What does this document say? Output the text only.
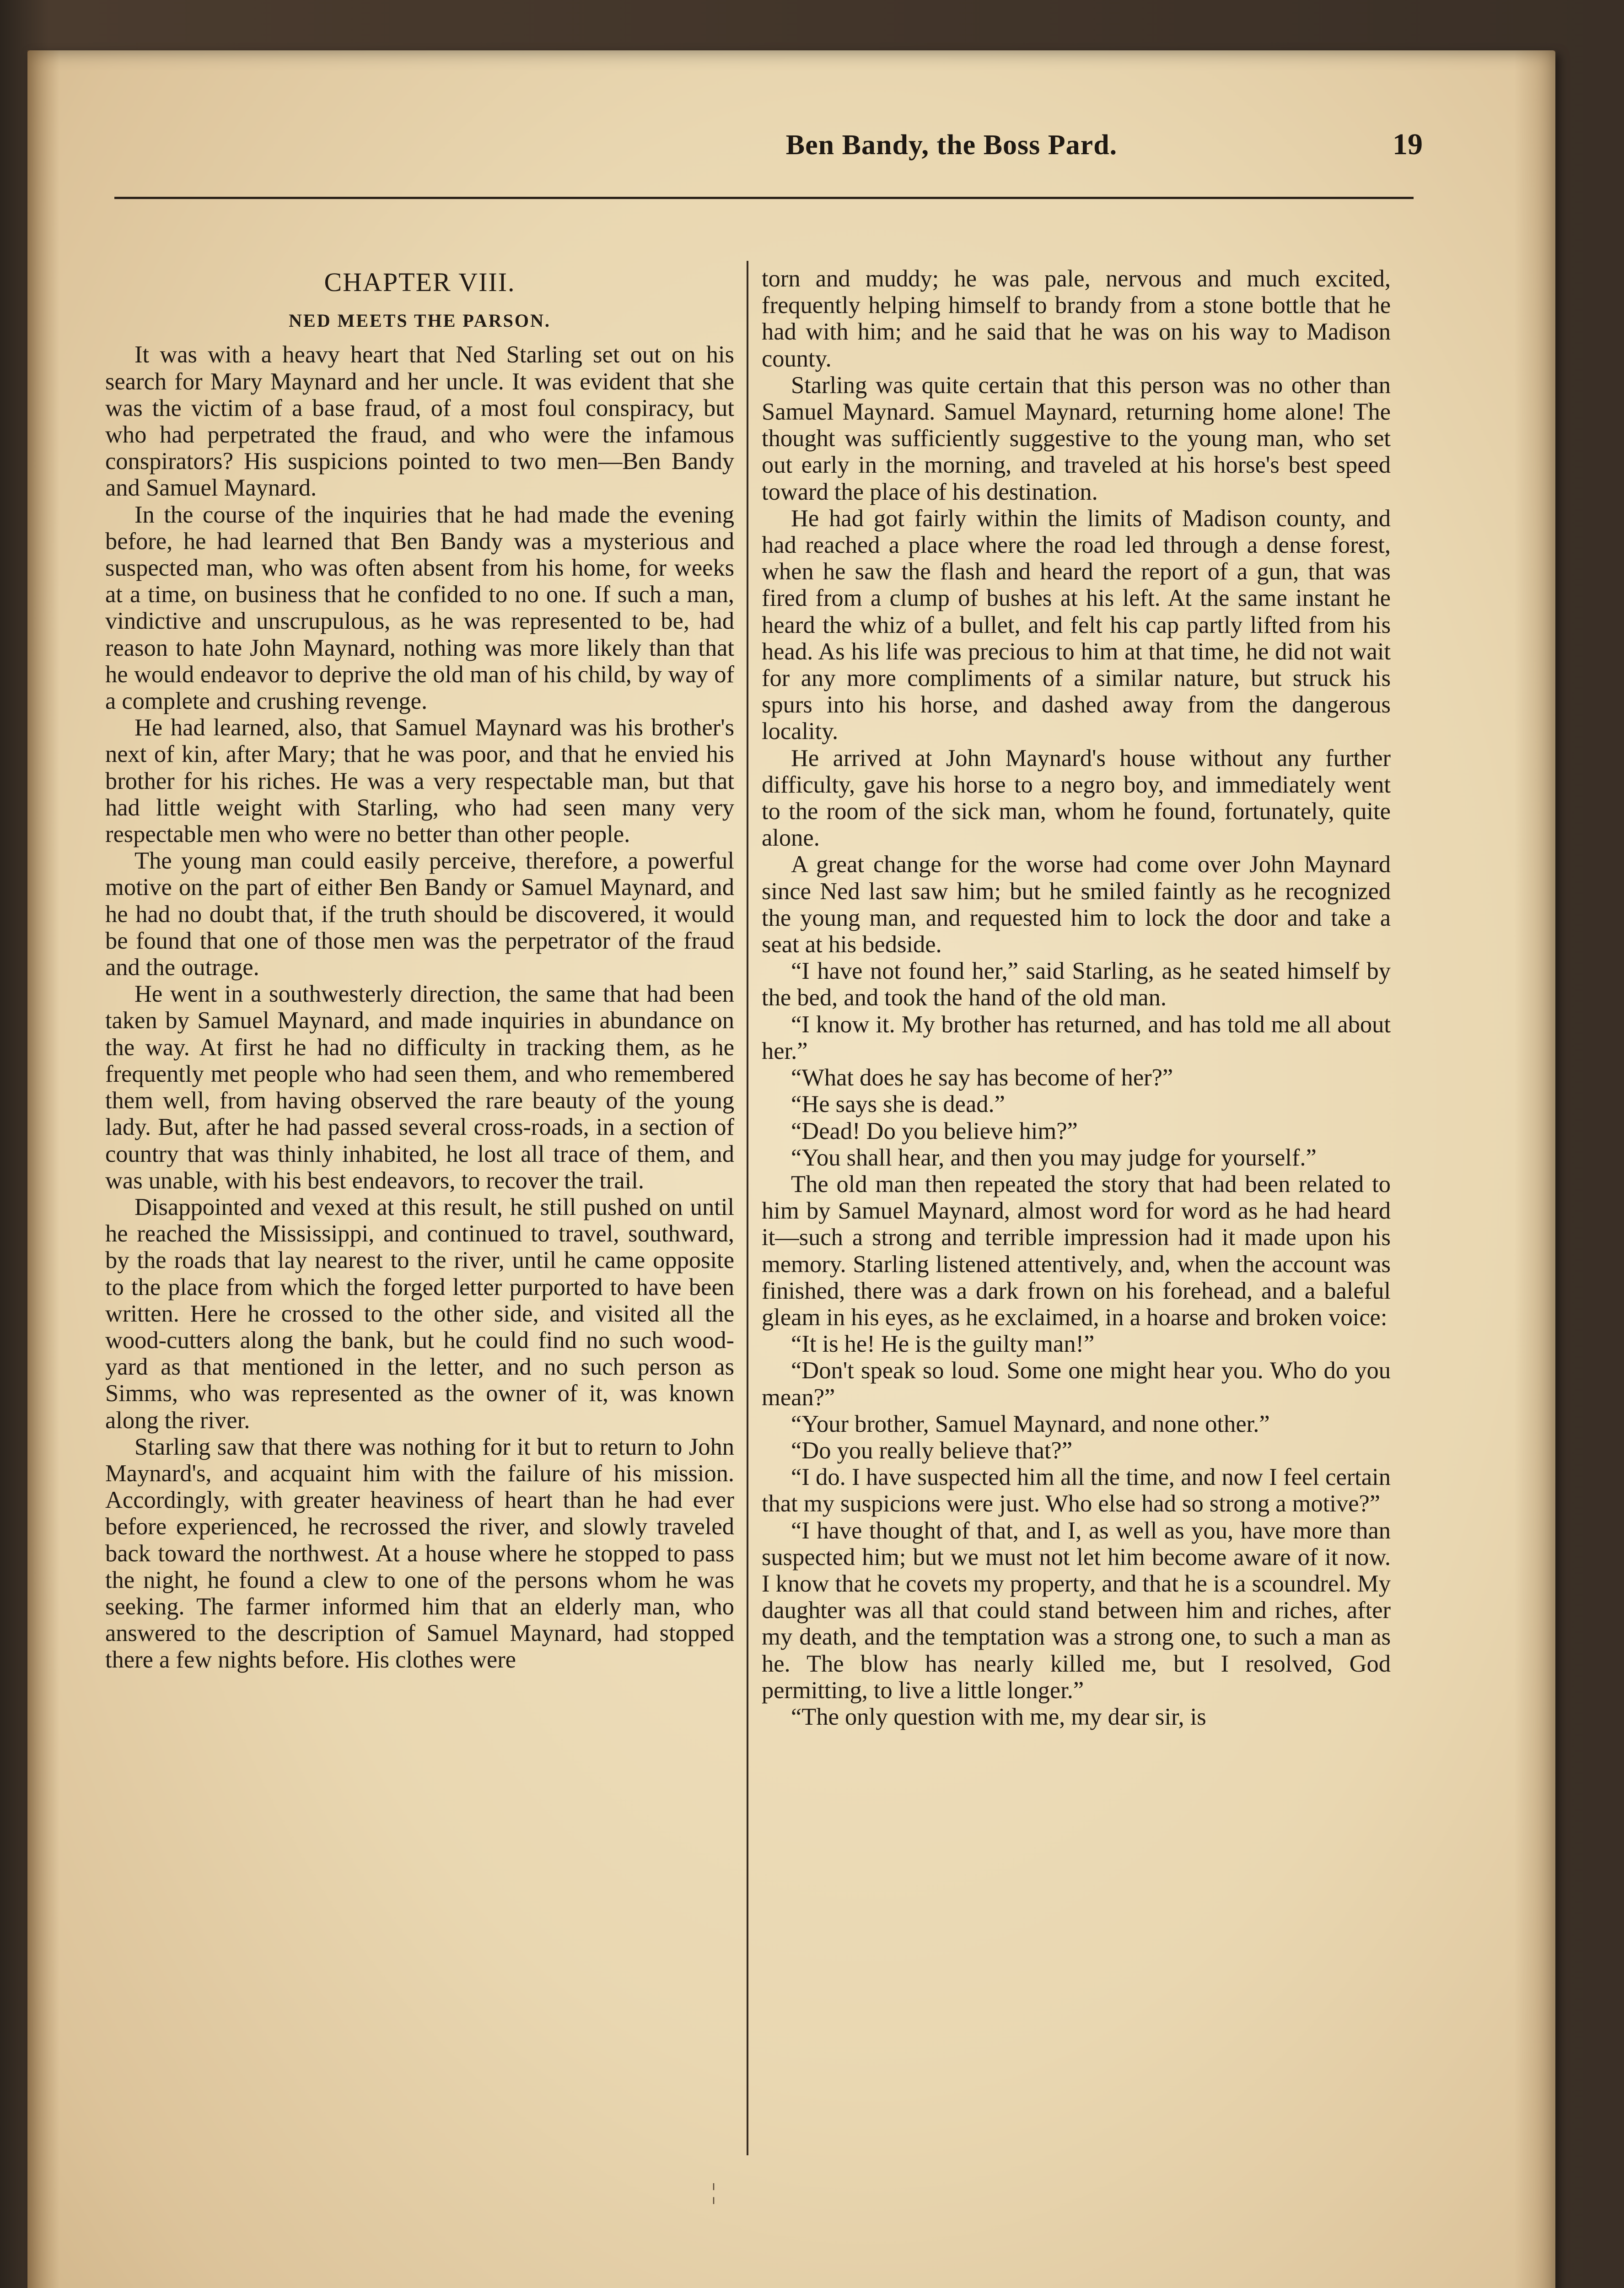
Ben Bandy, the Boss Pard.	19
CHAPTER VIII.
NED MEETS THE PARSON.

It was with a heavy heart that Ned Starling set out on his search for Mary Maynard and her uncle. It was evident that she was the victim of a base fraud, of a most foul conspiracy, but who had perpetrated the fraud, and who were the infamous conspirators? His suspicions pointed to two men—Ben Bandy and Samuel Maynard.

In the course of the inquiries that he had made the evening before, he had learned that Ben Bandy was a mysterious and suspected man, who was often absent from his home, for weeks at a time, on business that he confided to no one. If such a man, vindictive and unscrupulous, as he was represented to be, had reason to hate John Maynard, nothing was more likely than that he would endeavor to deprive the old man of his child, by way of a complete and crushing revenge.

He had learned, also, that Samuel Maynard was his brother's next of kin, after Mary; that he was poor, and that he envied his brother for his riches. He was a very respectable man, but that had little weight with Starling, who had seen many very respectable men who were no better than other people.

The young man could easily perceive, therefore, a powerful motive on the part of either Ben Bandy or Samuel Maynard, and he had no doubt that, if the truth should be discovered, it would be found that one of those men was the perpetrator of the fraud and the outrage.

He went in a southwesterly direction, the same that had been taken by Samuel Maynard, and made inquiries in abundance on the way. At first he had no difficulty in tracking them, as he frequently met people who had seen them, and who remembered them well, from having observed the rare beauty of the young lady. But, after he had passed several cross-roads, in a section of country that was thinly inhabited, he lost all trace of them, and was unable, with his best endeavors, to recover the trail.

Disappointed and vexed at this result, he still pushed on until he reached the Mississippi, and continued to travel, southward, by the roads that lay nearest to the river, until he came opposite to the place from which the forged letter purported to have been written. Here he crossed to the other side, and visited all the wood-cutters along the bank, but he could find no such wood-yard as that mentioned in the letter, and no such person as Simms, who was represented as the owner of it, was known along the river.

Starling saw that there was nothing for it but to return to John Maynard's, and acquaint him with the failure of his mission. Accordingly, with greater heaviness of heart than he had ever before experienced, he recrossed the river, and slowly traveled back toward the northwest. At a house where he stopped to pass the night, he found a clew to one of the persons whom he was seeking. The farmer informed him that an elderly man, who answered to the description of Samuel Maynard, had stopped there a few nights before. His clothes were

torn and muddy; he was pale, nervous and much excited, frequently helping himself to brandy from a stone bottle that he had with him; and he said that he was on his way to Madison county.

Starling was quite certain that this person was no other than Samuel Maynard. Samuel Maynard, returning home alone! The thought was sufficiently suggestive to the young man, who set out early in the morning, and traveled at his horse's best speed toward the place of his destination.

He had got fairly within the limits of Madison county, and had reached a place where the road led through a dense forest, when he saw the flash and heard the report of a gun, that was fired from a clump of bushes at his left. At the same instant he heard the whiz of a bullet, and felt his cap partly lifted from his head. As his life was precious to him at that time, he did not wait for any more compliments of a similar nature, but struck his spurs into his horse, and dashed away from the dangerous locality.

He arrived at John Maynard's house without any further difficulty, gave his horse to a negro boy, and immediately went to the room of the sick man, whom he found, fortunately, quite alone.

A great change for the worse had come over John Maynard since Ned last saw him; but he smiled faintly as he recognized the young man, and requested him to lock the door and take a seat at his bedside.

“I have not found her,” said Starling, as he seated himself by the bed, and took the hand of the old man.

“I know it. My brother has returned, and has told me all about her.”

“What does he say has become of her?”

“He says she is dead.”

“Dead! Do you believe him?”

“You shall hear, and then you may judge for yourself.”

The old man then repeated the story that had been related to him by Samuel Maynard, almost word for word as he had heard it—such a strong and terrible impression had it made upon his memory. Starling listened attentively, and, when the account was finished, there was a dark frown on his forehead, and a baleful gleam in his eyes, as he exclaimed, in a hoarse and broken voice:

“It is he! He is the guilty man!”

“Don't speak so loud. Some one might hear you. Who do you mean?”

“Your brother, Samuel Maynard, and none other.”

“Do you really believe that?”

“I do. I have suspected him all the time, and now I feel certain that my suspicions were just. Who else had so strong a motive?”

“I have thought of that, and I, as well as you, have more than suspected him; but we must not let him become aware of it now. I know that he covets my property, and that he is a scoundrel. My daughter was all that could stand between him and riches, after my death, and the temptation was a strong one, to such a man as he. The blow has nearly killed me, but I resolved, God permitting, to live a little longer.”

“The only question with me, my dear sir, is

¦
